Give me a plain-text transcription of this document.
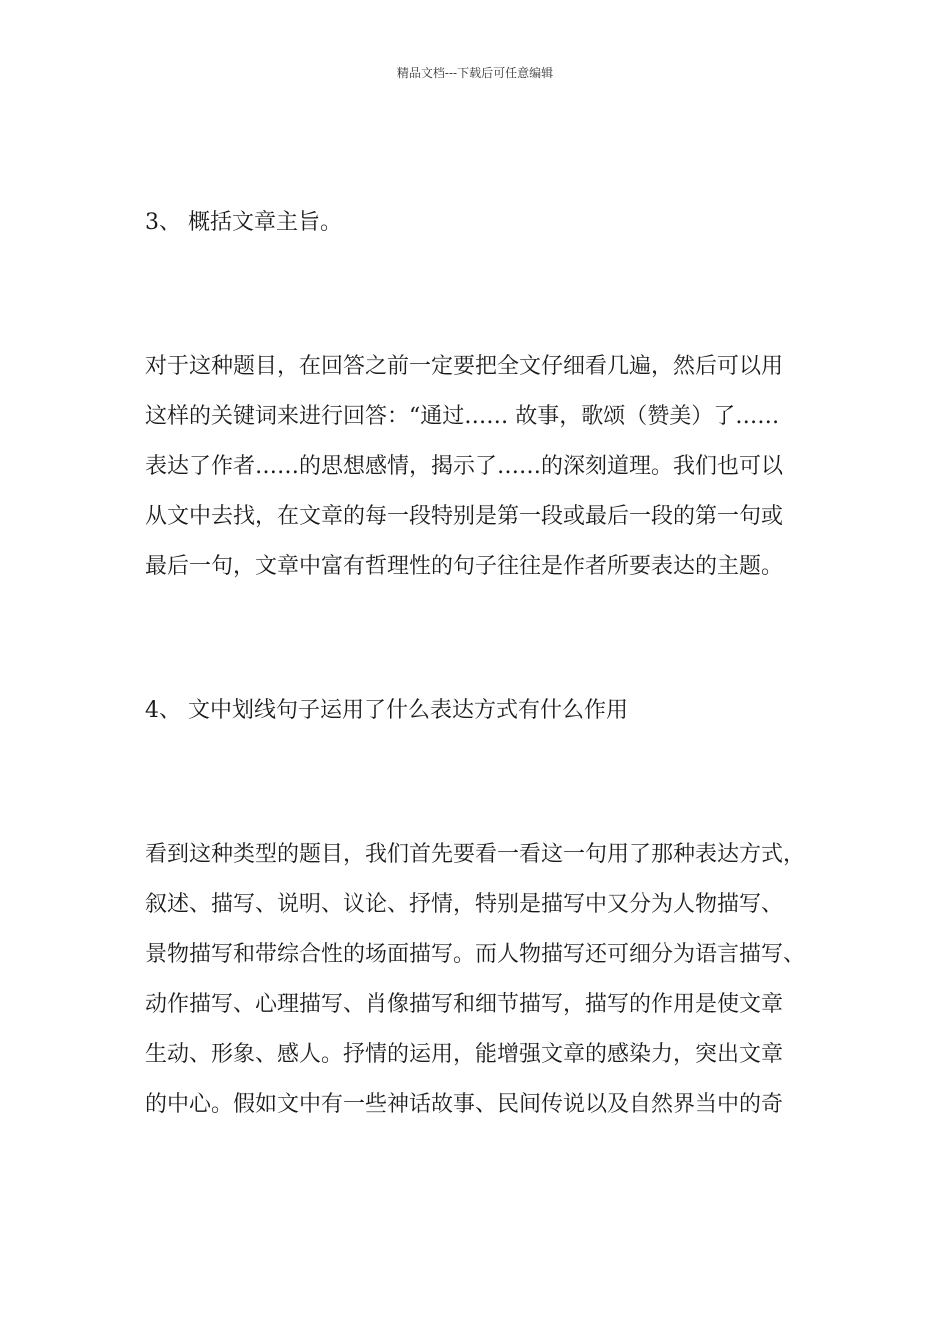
精品文档---下载后可任意编辑
3、 概括文章主旨。
对于这种题目，在回答之前一定要把全文仔细看几遍，然后可以用
这样的关键词来进行回答：“通过…… 故事，歌颂（赞美）了……
表达了作者……的思想感情，揭示了……的深刻道理。我们也可以
从文中去找，在文章的每一段特别是第一段或最后一段的第一句或
最后一句，文章中富有哲理性的句子往往是作者所要表达的主题。
4、 文中划线句子运用了什么表达方式有什么作用
看到这种类型的题目，我们首先要看一看这一句用了那种表达方式，
叙述、描写、说明、议论、抒情，特别是描写中又分为人物描写、
景物描写和带综合性的场面描写。而人物描写还可细分为语言描写、
动作描写、心理描写、肖像描写和细节描写，描写的作用是使文章
生动、形象、感人。抒情的运用，能增强文章的感染力，突出文章
的中心。假如文中有一些神话故事、民间传说以及自然界当中的奇
